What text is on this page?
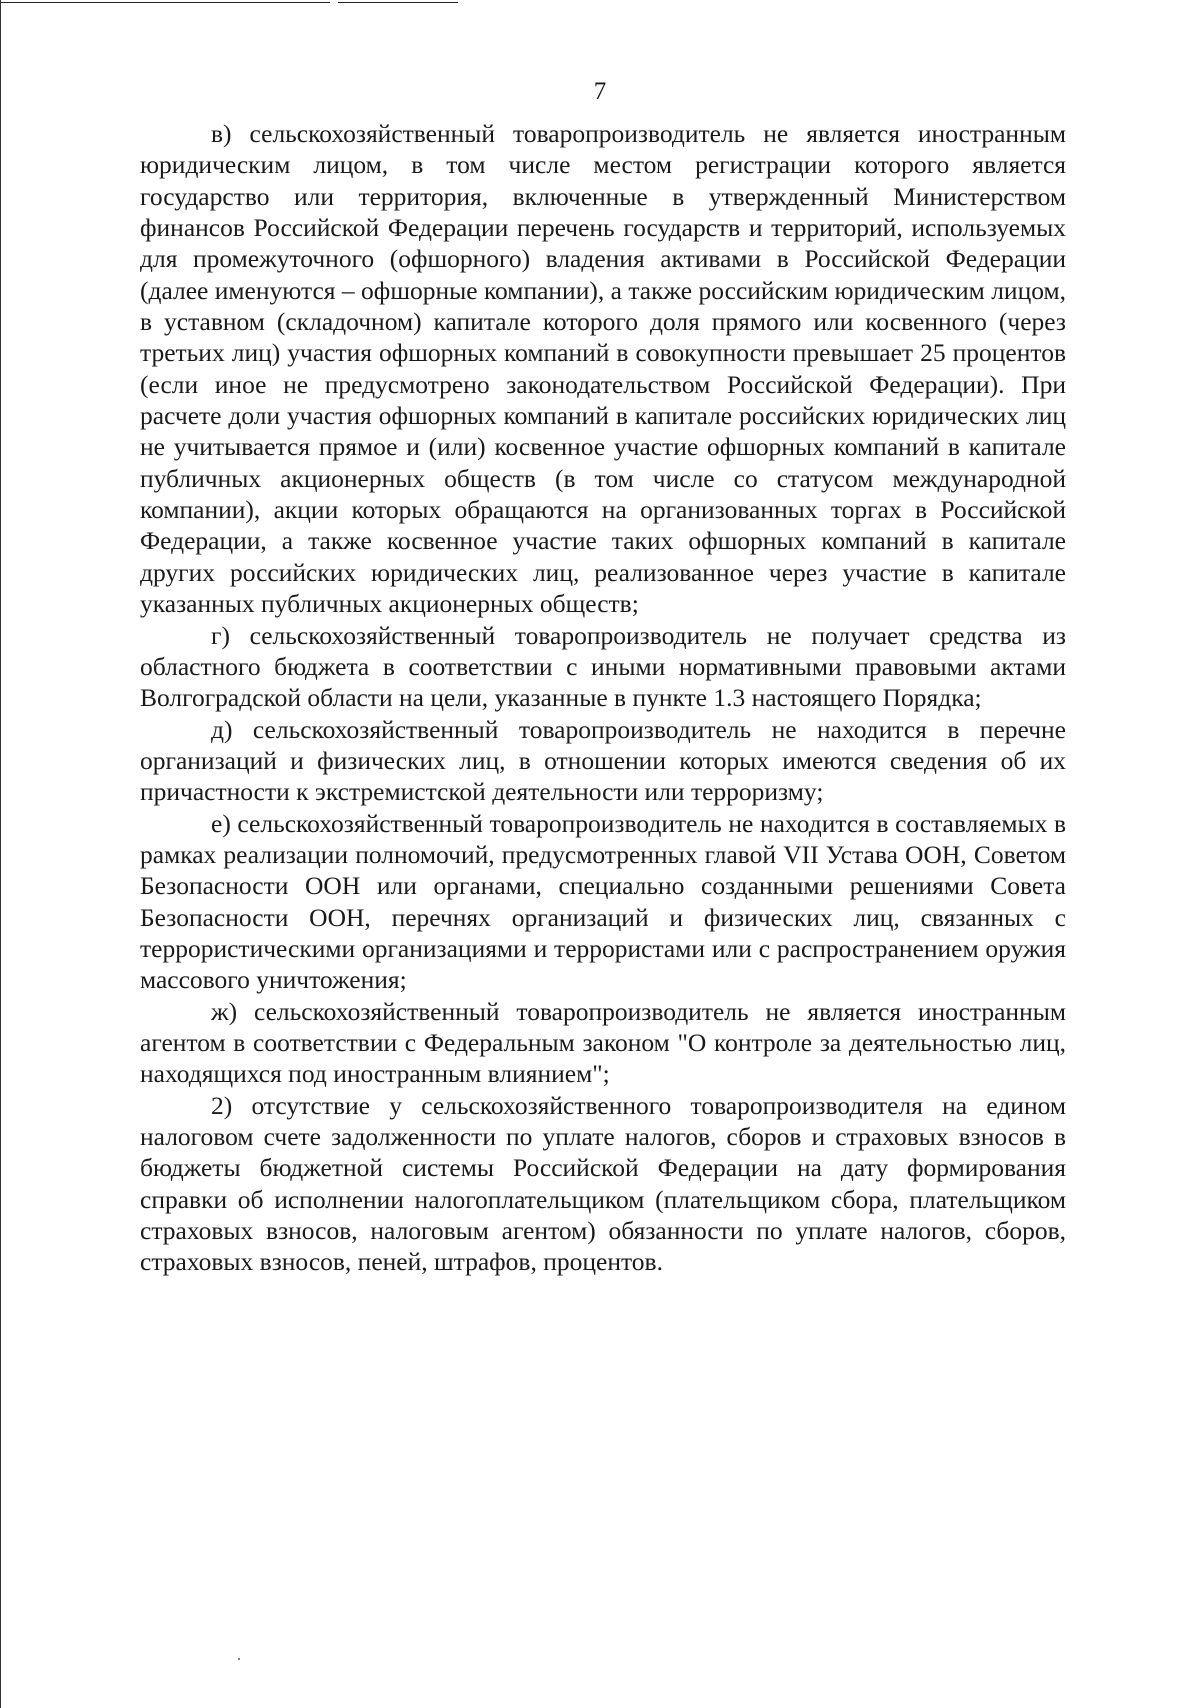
7

в) сельскохозяйственный товаропроизводитель не является иностранным юридическим лицом, в том числе местом регистрации которого является государство или территория, включенные в утвержденный Министерством финансов Российской Федерации перечень государств и территорий, используемых для промежуточного (офшорного) владения активами в Российской Федерации (далее именуются – офшорные компании), а также российским юридическим лицом, в уставном (складочном) капитале которого доля прямого или косвенного (через третьих лиц) участия офшорных компаний в совокупности превышает 25 процентов (если иное не предусмотрено законодательством Российской Федерации). При расчете доли участия офшорных компаний в капитале российских юридических лиц не учитывается прямое и (или) косвенное участие офшорных компаний в капитале публичных акционерных обществ (в том числе со статусом международной компании), акции которых обращаются на организованных торгах в Российской Федерации, а также косвенное участие таких офшорных компаний в капитале других российских юридических лиц, реализованное через участие в капитале указанных публичных акционерных обществ;

г) сельскохозяйственный товаропроизводитель не получает средства из областного бюджета в соответствии с иными нормативными правовыми актами Волгоградской области на цели, указанные в пункте 1.3 настоящего Порядка;

д) сельскохозяйственный товаропроизводитель не находится в перечне организаций и физических лиц, в отношении которых имеются сведения об их причастности к экстремистской деятельности или терроризму;

е) сельскохозяйственный товаропроизводитель не находится в составляемых в рамках реализации полномочий, предусмотренных главой VII Устава ООН, Советом Безопасности ООН или органами, специально созданными решениями Совета Безопасности ООН, перечнях организаций и физических лиц, связанных с террористическими организациями и террористами или с распространением оружия массового уничтожения;

ж) сельскохозяйственный товаропроизводитель не является иностранным агентом в соответствии с Федеральным законом "О контроле за деятельностью лиц, находящихся под иностранным влиянием";

2) отсутствие у сельскохозяйственного товаропроизводителя на едином налоговом счете задолженности по уплате налогов, сборов и страховых взносов в бюджеты бюджетной системы Российской Федерации на дату формирования справки об исполнении налогоплательщиком (плательщиком сбора, плательщиком страховых взносов, налоговым агентом) обязанности по уплате налогов, сборов, страховых взносов, пеней, штрафов, процентов.
